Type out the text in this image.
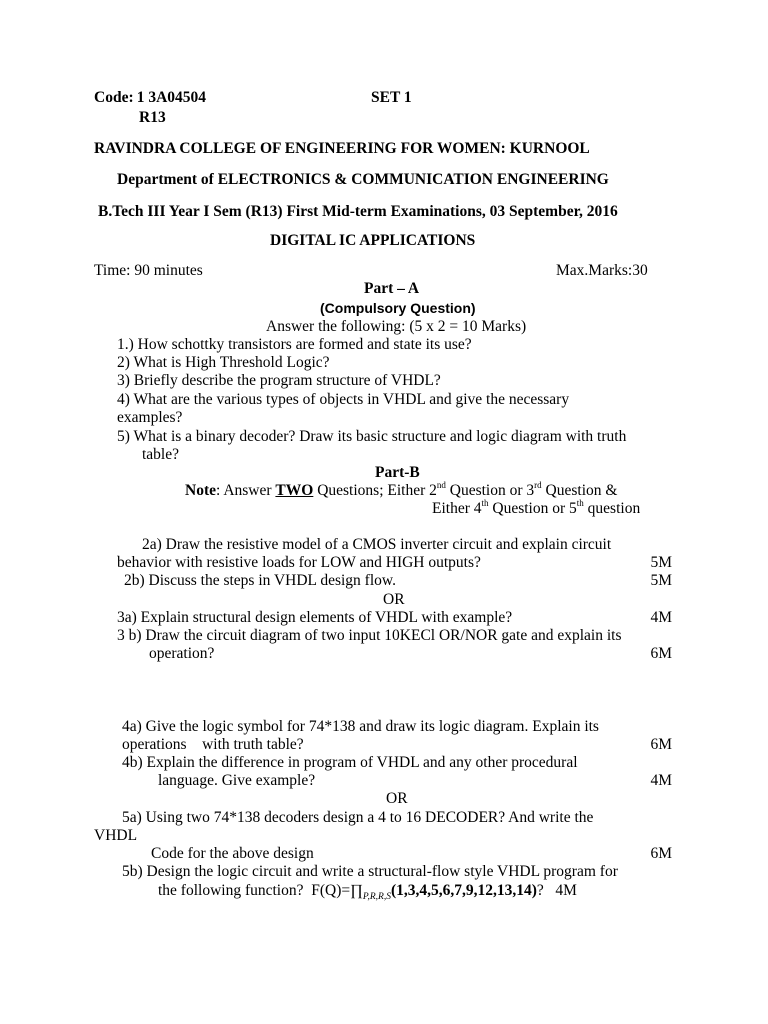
Code: 1 3A04504	SET 1
R13
RAVINDRA COLLEGE OF ENGINEERING FOR WOMEN: KURNOOL
Department of ELECTRONICS & COMMUNICATION ENGINEERING
B.Tech III Year I Sem (R13) First Mid-term Examinations, 03 September, 2016
DIGITAL IC APPLICATIONS
Time: 90 minutes	Max.Marks:30
Part – A
(Compulsory Question)
Answer the following: (5 x 2 = 10 Marks)
1.) How schottky transistors are formed and state its use?
2) What is High Threshold Logic?
3) Briefly describe the program structure of VHDL?
4) What are the various types of objects in VHDL and give the necessary
examples?
5) What is a binary decoder? Draw its basic structure and logic diagram with truth
table?
Part-B
Note: Answer TWO Questions; Either 2nd Question or 3rd Question &
Either 4th Question or 5th question
2a) Draw the resistive model of a CMOS inverter circuit and explain circuit
behavior with resistive loads for LOW and HIGH outputs?	5M
2b) Discuss the steps in VHDL design flow.	5M
OR
3a) Explain structural design elements of VHDL with example?	4M
3 b) Draw the circuit diagram of two input 10KECl OR/NOR gate and explain its
operation?	6M
4a) Give the logic symbol for 74*138 and draw its logic diagram. Explain its
operations    with truth table?	6M
4b) Explain the difference in program of VHDL and any other procedural
language. Give example?	4M
OR
5a) Using two 74*138 decoders design a 4 to 16 DECODER? And write the
VHDL
Code for the above design	6M
5b) Design the logic circuit and write a structural-flow style VHDL program for
the following function?  $F(Q)=\prod_{P,R,R,S}(1,3,4,5,6,7,9,12,13,14)$?   4M
